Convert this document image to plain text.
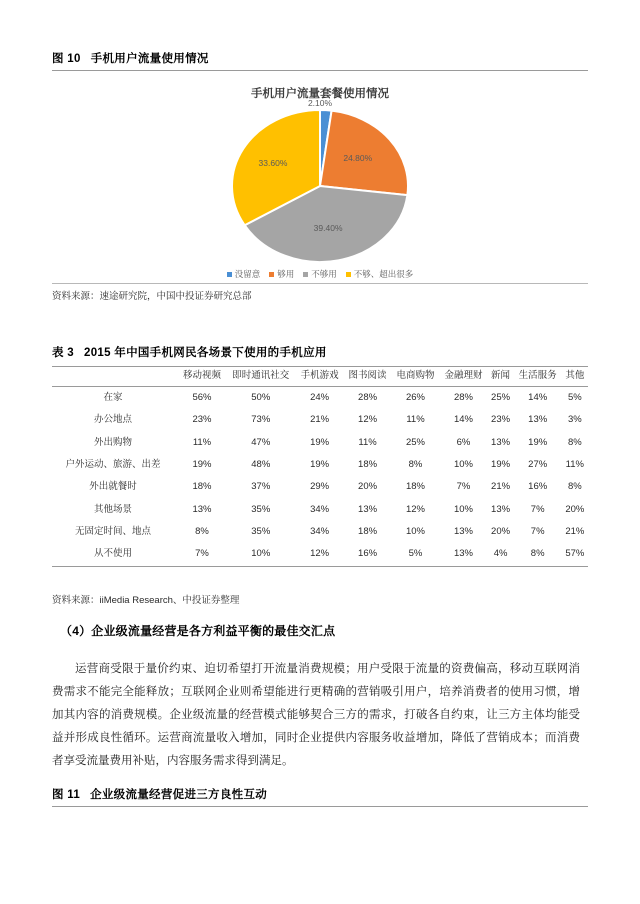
图 10 手机用户流量使用情况
手机用户流量套餐使用情况
2.10%
24.80%
39.40%
33.60%
没留意 够用 不够用 不够、超出很多
资料来源：速途研究院，中国中投证券研究总部
表 3 2015 年中国手机网民各场景下使用的手机应用
	移动视频	即时通讯社交	手机游戏	图书阅读	电商购物	金融理财	新闻	生活服务	其他
在家	56%	50%	24%	28%	26%	28%	25%	14%	5%
办公地点	23%	73%	21%	12%	11%	14%	23%	13%	3%
外出购物	11%	47%	19%	11%	25%	6%	13%	19%	8%
户外运动、旅游、出差	19%	48%	19%	18%	8%	10%	19%	27%	11%
外出就餐时	18%	37%	29%	20%	18%	7%	21%	16%	8%
其他场景	13%	35%	34%	13%	12%	10%	13%	7%	20%
无固定时间、地点	8%	35%	34%	18%	10%	13%	20%	7%	21%
从不使用	7%	10%	12%	16%	5%	13%	4%	8%	57%
资料来源：iiMedia Research、中投证券整理
（4）企业级流量经营是各方利益平衡的最佳交汇点
运营商受限于量价约束、迫切希望打开流量消费规模；用户受限于流量的资费偏高，移动互联网消费需求不能完全能释放；互联网企业则希望能进行更精确的营销吸引用户，培养消费者的使用习惯，增加其内容的消费规模。企业级流量的经营模式能够契合三方的需求，打破各自约束，让三方主体均能受益并形成良性循环。运营商流量收入增加，同时企业提供内容服务收益增加，降低了营销成本；而消费者享受流量费用补贴，内容服务需求得到满足。
图 11 企业级流量经营促进三方良性互动
